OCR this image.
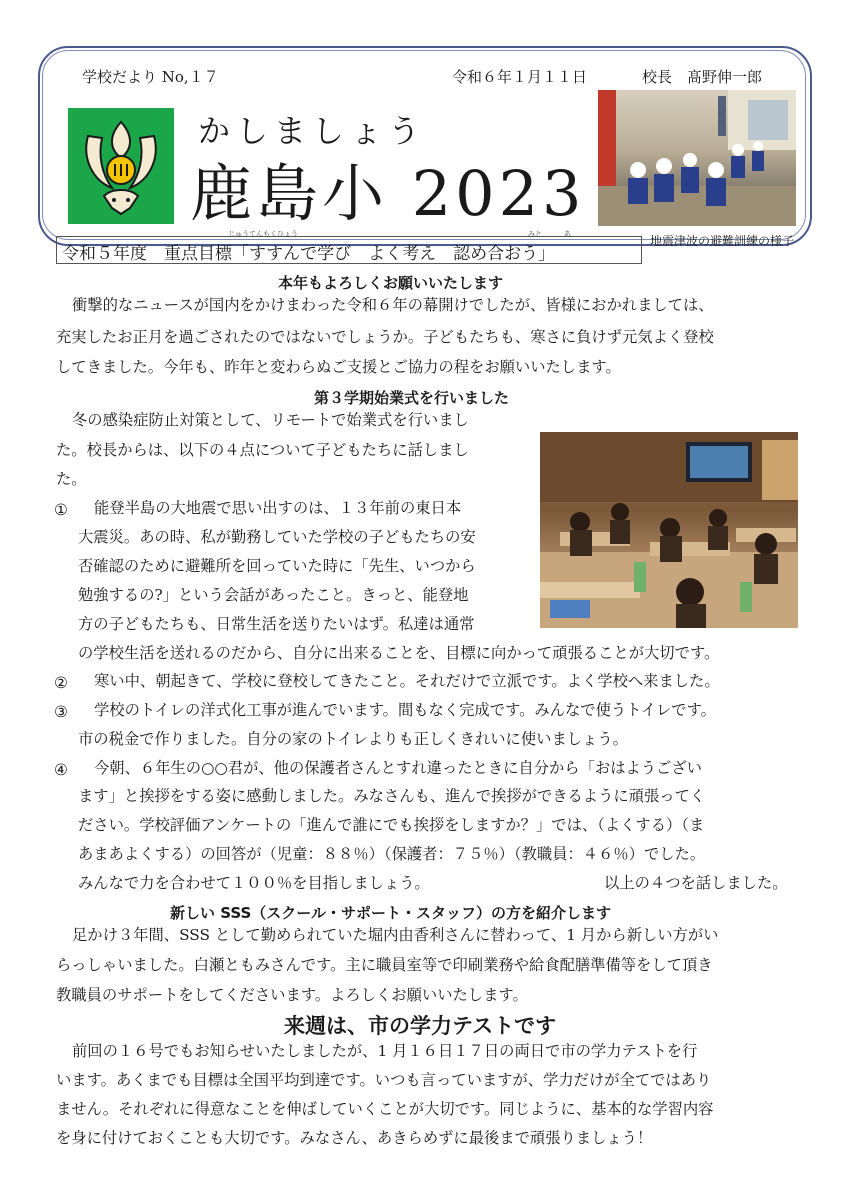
学校だより No,１７	令和６年１月１１日	校長　髙野伸一郎
かしましょう
鹿島小 2023
地震津波の避難訓練の様子
じゅうてんもくひょう	みと	あ
令和５年度　重点目標「すすんで学び　よく考え　認め合おう」
本年もよろしくお願いいたします
衝撃的なニュースが国内をかけまわった令和６年の幕開けでしたが、皆様におかれましては、
充実したお正月を過ごされたのではないでしょうか。子どもたちも、寒さに負けず元気よく登校
してきました。今年も、昨年と変わらぬご支援とご協力の程をお願いいたします。
第３学期始業式を行いました
冬の感染症防止対策として、リモートで始業式を行いまし
た。校長からは、以下の４点について子どもたちに話しまし
た。
① 能登半島の大地震で思い出すのは、１３年前の東日本
大震災。あの時、私が勤務していた学校の子どもたちの安
否確認のために避難所を回っていた時に「先生、いつから
勉強するの?」という会話があったこと。きっと、能登地
方の子どもたちも、日常生活を送りたいはず。私達は通常
の学校生活を送れるのだから、自分に出来ることを、目標に向かって頑張ることが大切です。
② 寒い中、朝起きて、学校に登校してきたこと。それだけで立派です。よく学校へ来ました。
③ 学校のトイレの洋式化工事が進んでいます。間もなく完成です。みんなで使うトイレです。
市の税金で作りました。自分の家のトイレよりも正しくきれいに使いましょう。
④ 今朝、６年生の○○君が、他の保護者さんとすれ違ったときに自分から「おはようござい
ます」と挨拶をする姿に感動しました。みなさんも、進んで挨拶ができるように頑張ってく
ださい。学校評価アンケートの「進んで誰にでも挨拶をしますか？」では、（よくする）（ま
あまあよくする）の回答が（児童：８８％）（保護者：７５％）（教職員：４６％）でした。
みんなで力を合わせて１００％を目指しましょう。	以上の４つを話しました。
新しい SSS（スクール・サポート・スタッフ）の方を紹介します
足かけ３年間、SSS として勤められていた堀内由香利さんに替わって、1 月から新しい方がい
らっしゃいました。白瀬ともみさんです。主に職員室等で印刷業務や給食配膳準備等をして頂き
教職員のサポートをしてくださいます。よろしくお願いいたします。
来週は、市の学力テストです
前回の１６号でもお知らせいたしましたが、1 月１６日１７日の両日で市の学力テストを行
います。あくまでも目標は全国平均到達です。いつも言っていますが、学力だけが全てではあり
ません。それぞれに得意なことを伸ばしていくことが大切です。同じように、基本的な学習内容
を身に付けておくことも大切です。みなさん、あきらめずに最後まで頑張りましょう！
